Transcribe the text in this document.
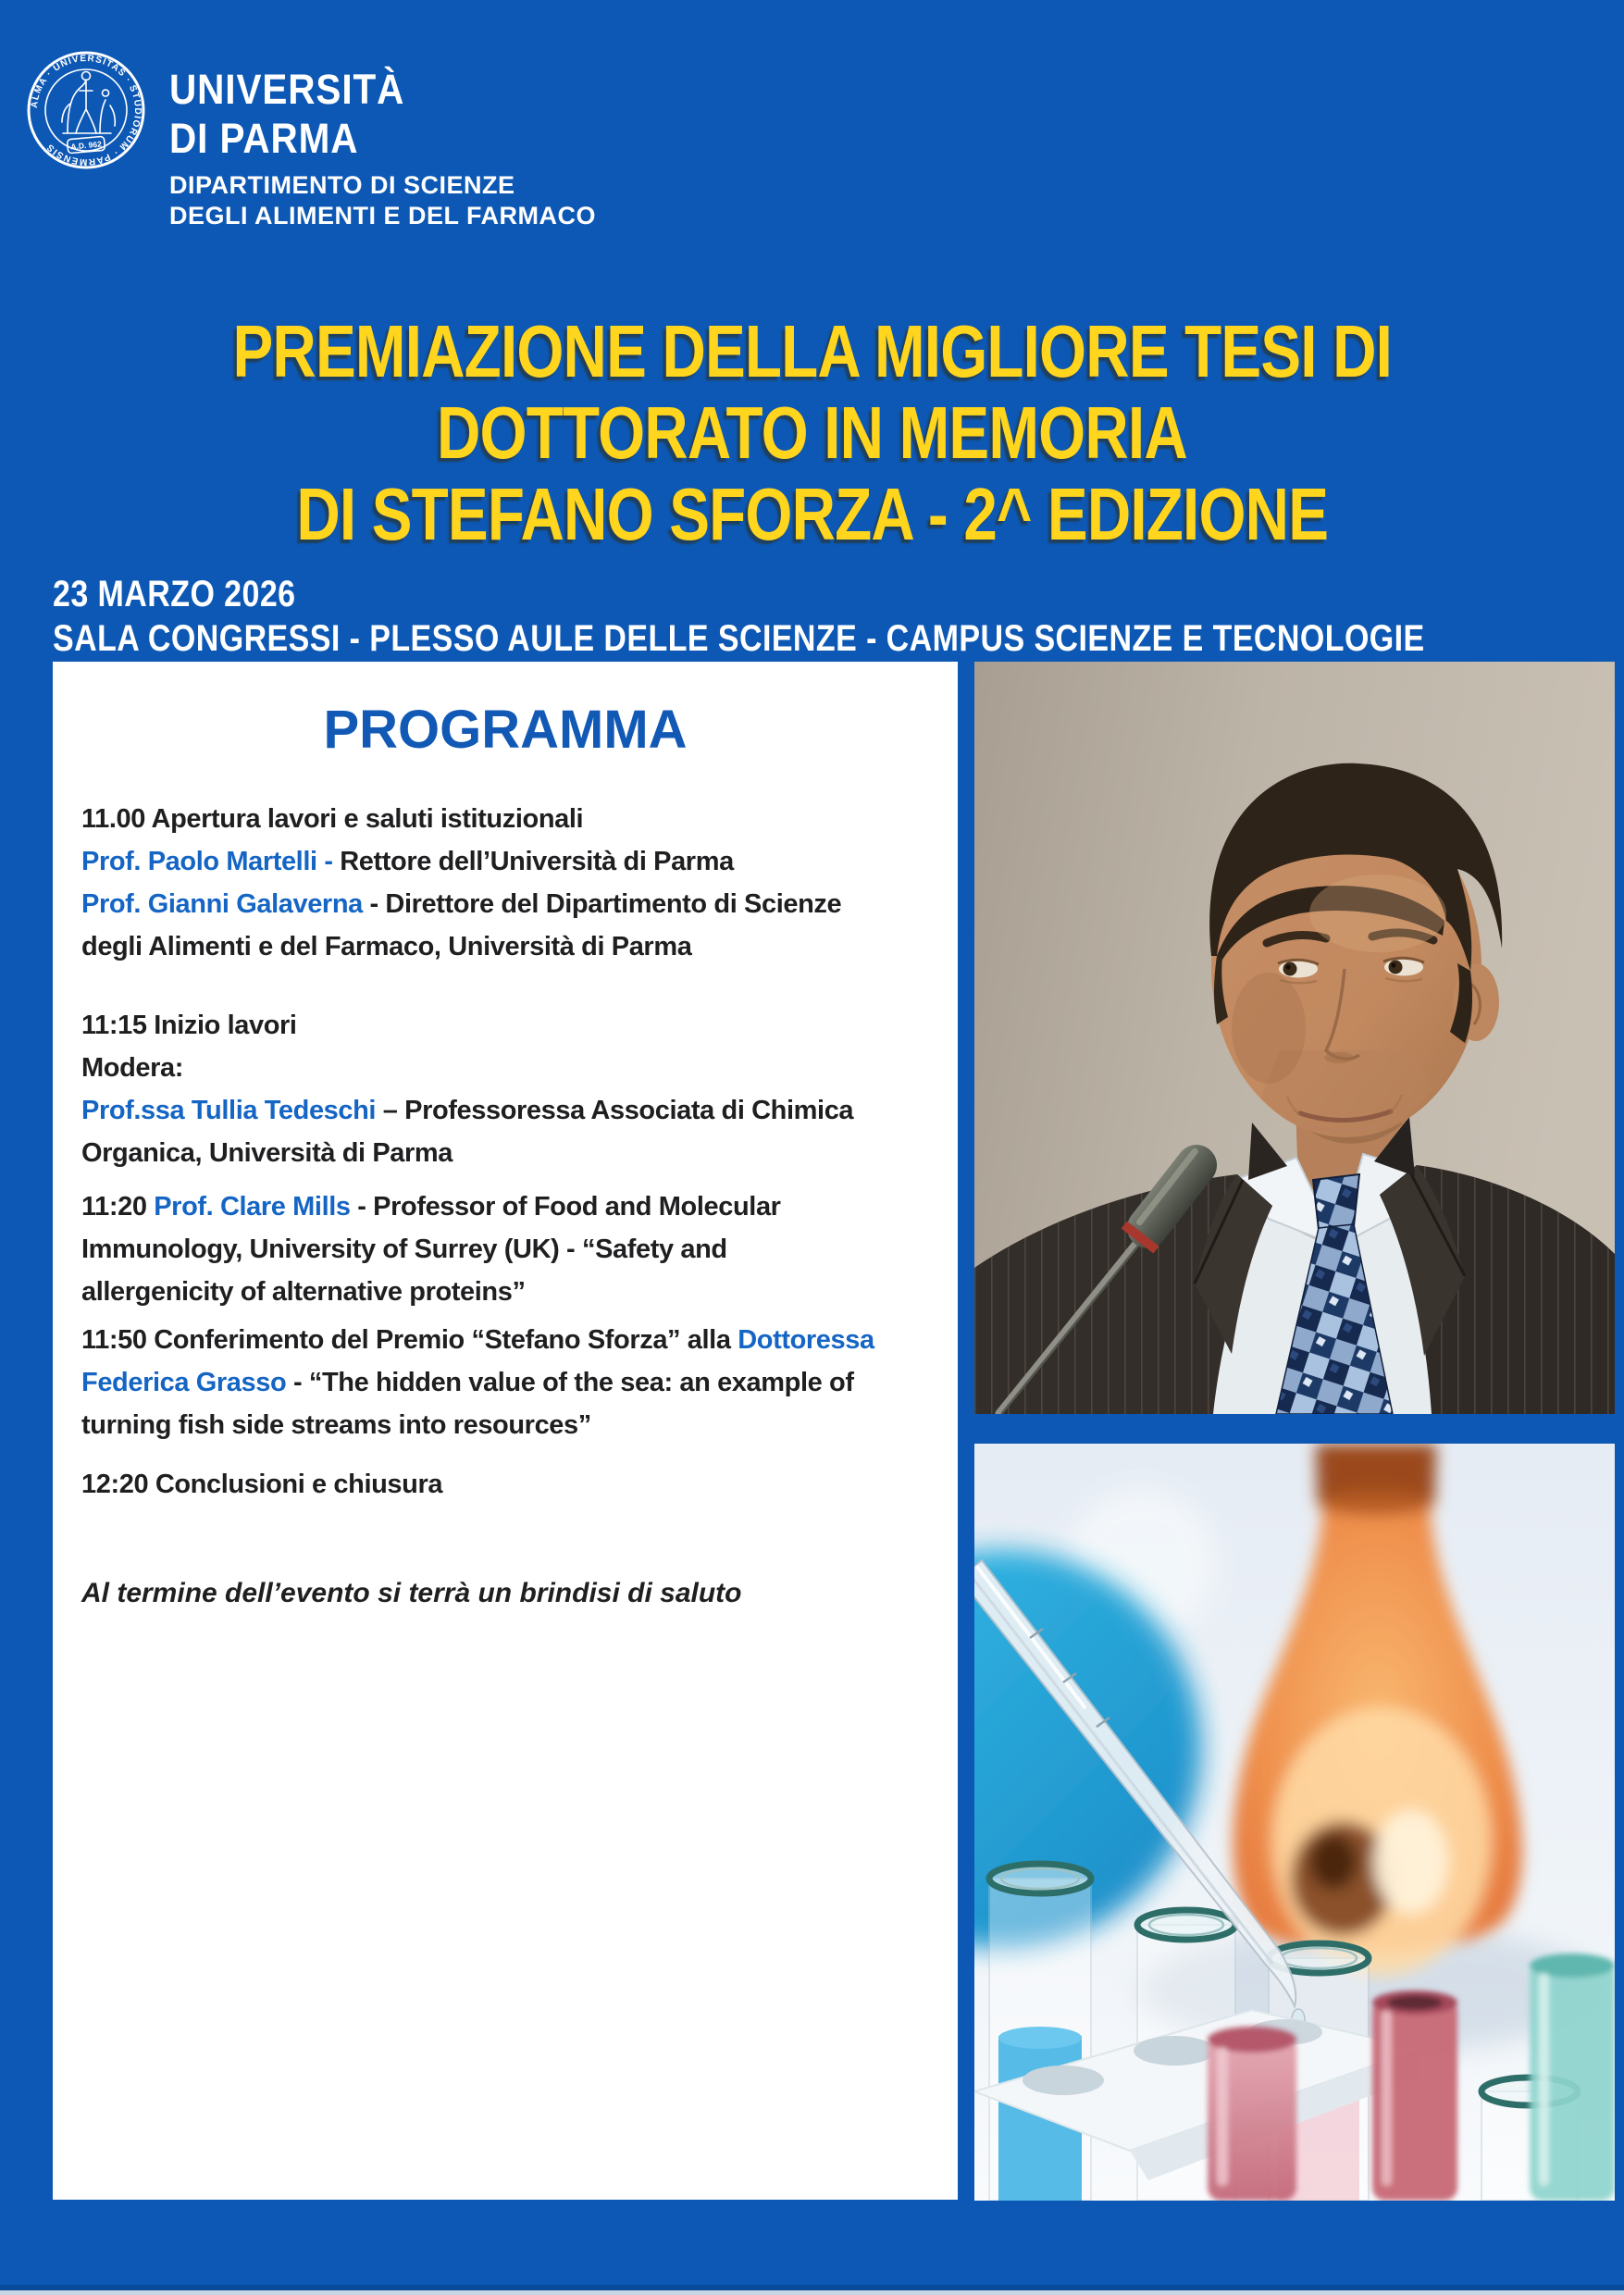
ALMA · UNIVERSITAS · STUDIORUM · PARMENSIS	A.D. 962
UNIVERSITÀ
DI PARMA
DIPARTIMENTO DI SCIENZE
DEGLI ALIMENTI E DEL FARMACO
PREMIAZIONE DELLA MIGLIORE TESI DI
DOTTORATO IN MEMORIA
DI STEFANO SFORZA - 2^ EDIZIONE
23 MARZO 2026
SALA CONGRESSI - PLESSO AULE DELLE SCIENZE - CAMPUS SCIENZE E TECNOLOGIE
PROGRAMMA
11.00 Apertura lavori e saluti istituzionali
Prof. Paolo Martelli - Rettore dell’Università di Parma
Prof. Gianni Galaverna - Direttore del Dipartimento di Scienze
degli Alimenti e del Farmaco, Università di Parma
11:15 Inizio lavori
Modera:
Prof.ssa Tullia Tedeschi – Professoressa Associata di Chimica
Organica, Università di Parma
11:20 Prof. Clare Mills - Professor of Food and Molecular
Immunology, University of Surrey (UK) - “Safety and
allergenicity of alternative proteins”
11:50 Conferimento del Premio “Stefano Sforza” alla Dottoressa
Federica Grasso - “The hidden value of the sea: an example of
turning fish side streams into resources”
12:20 Conclusioni e chiusura

Al termine dell’evento si terrà un brindisi di saluto
